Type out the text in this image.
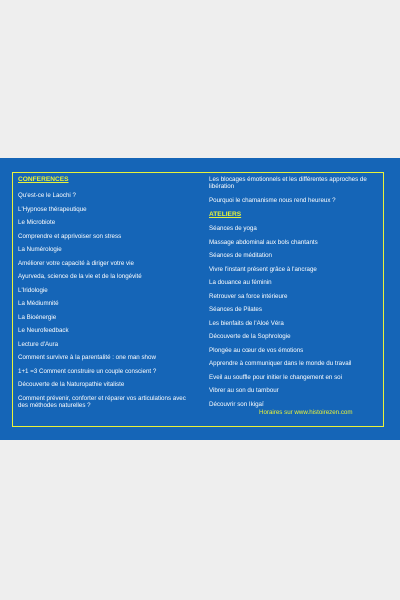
CONFERENCES
Qu'est-ce le Laochi ?
L'Hypnose thérapeutique
Le Microbiote
Comprendre et apprivoiser son stress
La Numérologie
Améliorer votre capacité à diriger votre vie
Ayurveda, science de la vie et de la longévité
L'Iridologie
La Médiumnité
La Bioénergie
Le Neurofeedback
Lecture d'Aura
Comment survivre à la parentalité : one man show
1+1 =3 Comment construire un couple conscient ?
Découverte de la Naturopathie vitaliste
Comment prévenir, conforter et réparer vos articulations avec des méthodes naturelles ?
Les blocages émotionnels et les différentes approches de libération
Pourquoi le chamanisme nous rend heureux ?
ATELIERS
Séances de yoga
Massage abdominal aux bols chantants
Séances de méditation
Vivre l'instant présent grâce à l'ancrage
La douance au féminin
Retrouver sa force intérieure
Séances de Pilates
Les bienfaits de l'Aloé Véra
Découverte de la Sophrologie
Plongée au cœur de vos émotions
Apprendre à communiquer dans le monde du travail
Eveil au souffle pour initier le changement en soi
Vibrer au son du tambour
Découvrir son Ikigaï
Horaires sur www.histoirezen.com
